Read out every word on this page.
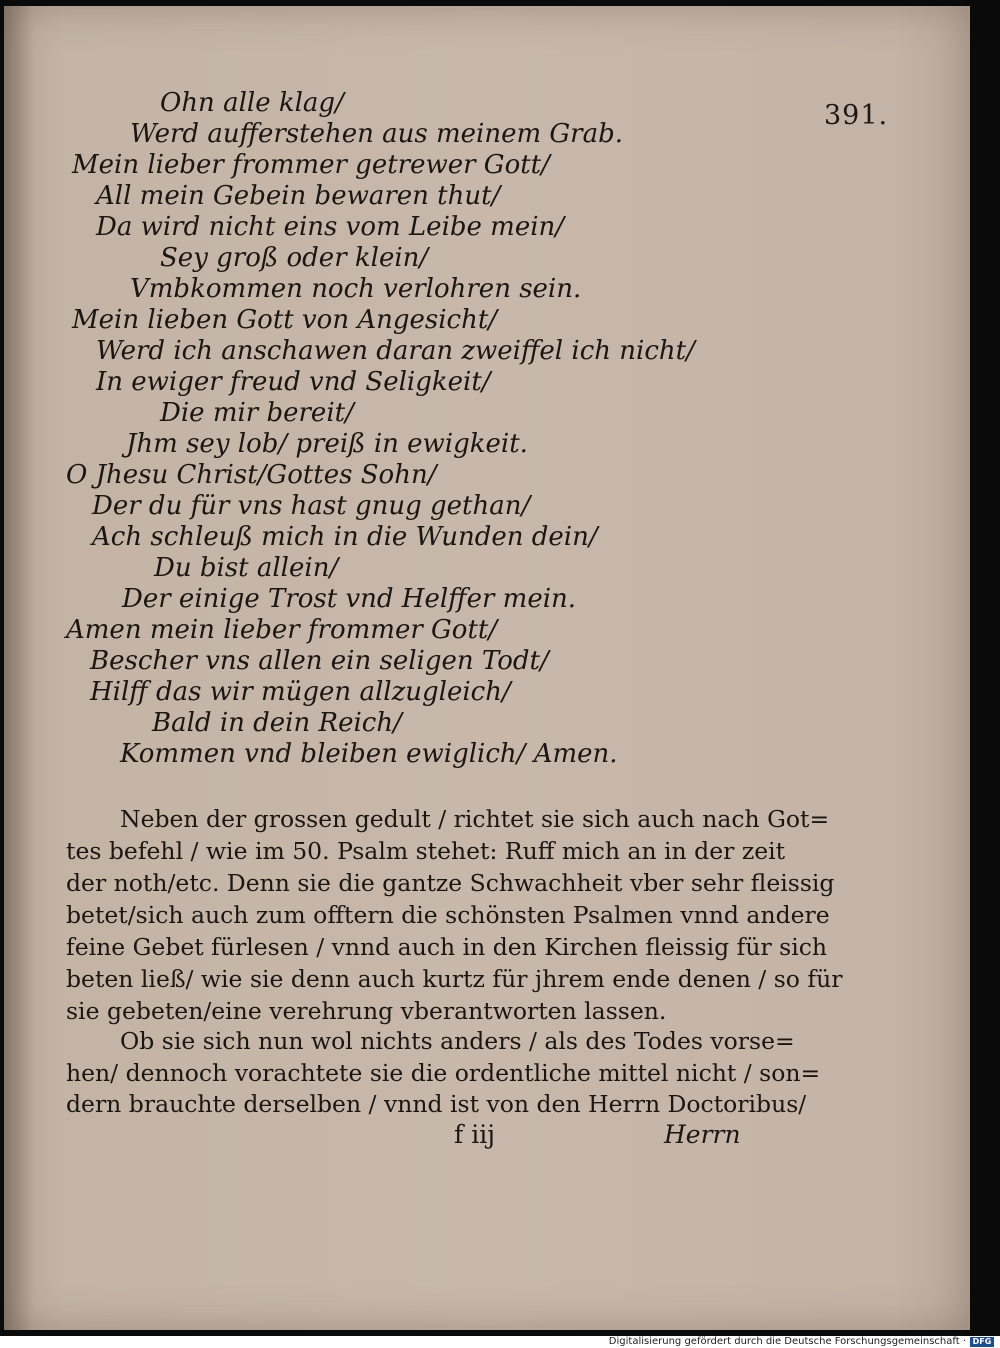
391.
Ohn alle klag/
Werd aufferstehen aus meinem Grab.
Mein lieber frommer getrewer Gott/
All mein Gebein bewaren thut/
Da wird nicht eins vom Leibe mein/
Sey groß oder klein/
Vmbkommen noch verlohren sein.
Mein lieben Gott von Angesicht/
Werd ich anschawen daran zweiffel ich nicht/
In ewiger freud vnd Seligkeit/
Die mir bereit/
Jhm sey lob/ preiß in ewigkeit.
O Jhesu Christ/Gottes Sohn/
Der du für vns hast gnug gethan/
Ach schleuß mich in die Wunden dein/
Du bist allein/
Der einige Trost vnd Helffer mein.
Amen mein lieber frommer Gott/
Bescher vns allen ein seligen Todt/
Hilff das wir mügen allzugleich/
Bald in dein Reich/
Kommen vnd bleiben ewiglich/ Amen.
Neben der grossen gedult / richtet sie sich auch nach Got=
tes befehl / wie im 50. Psalm stehet: Ruff mich an in der zeit
der noth/etc. Denn sie die gantze Schwachheit vber sehr fleissig
betet/sich auch zum offtern die schönsten Psalmen vnnd andere
feine Gebet fürlesen / vnnd auch in den Kirchen fleissig für sich
beten ließ/ wie sie denn auch kurtz für jhrem ende denen / so für
sie gebeten/eine verehrung vberantworten lassen.
Ob sie sich nun wol nichts anders / als des Todes vorse=
hen/ dennoch vorachtete sie die ordentliche mittel nicht / son=
dern brauchte derselben / vnnd ist von den Herrn Doctoribus/
f iij	Herrn
Digitalisierung gefördert durch die Deutsche Forschungsgemeinschaft · DFG
